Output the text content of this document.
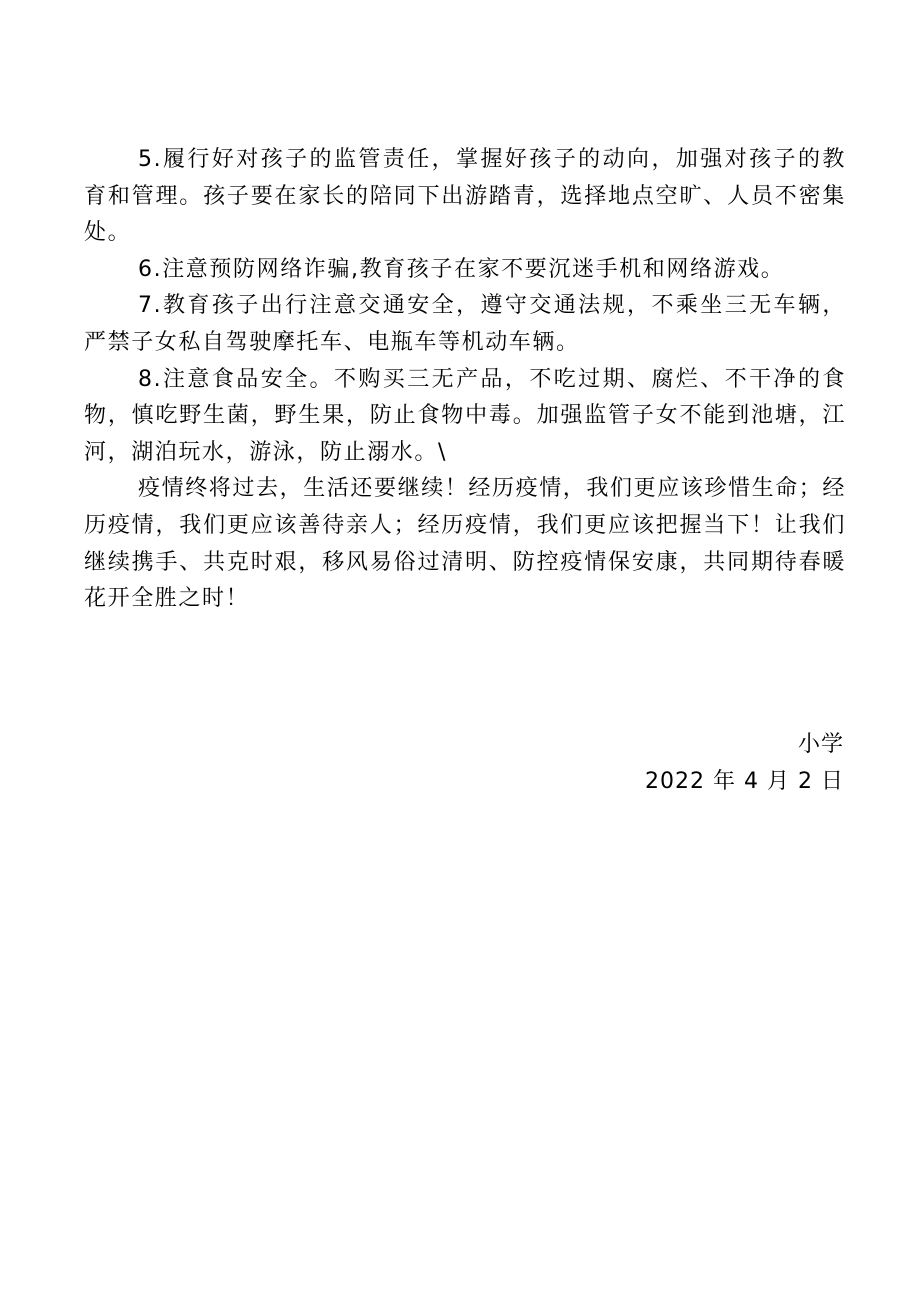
5.履行好对孩子的监管责任，掌握好孩子的动向，加强对孩子的教育和管理。孩子要在家长的陪同下出游踏青，选择地点空旷、人员不密集处。

6.注意预防网络诈骗,教育孩子在家不要沉迷手机和网络游戏。

7.教育孩子出行注意交通安全，遵守交通法规，不乘坐三无车辆，严禁子女私自驾驶摩托车、电瓶车等机动车辆。

8.注意食品安全。不购买三无产品，不吃过期、腐烂、不干净的食物，慎吃野生菌，野生果，防止食物中毒。加强监管子女不能到池塘，江河，湖泊玩水，游泳，防止溺水。\

疫情终将过去，生活还要继续！经历疫情，我们更应该珍惜生命；经历疫情，我们更应该善待亲人；经历疫情，我们更应该把握当下！让我们继续携手、共克时艰，移风易俗过清明、防控疫情保安康，共同期待春暖花开全胜之时！

小学
2022 年 4 月 2 日
